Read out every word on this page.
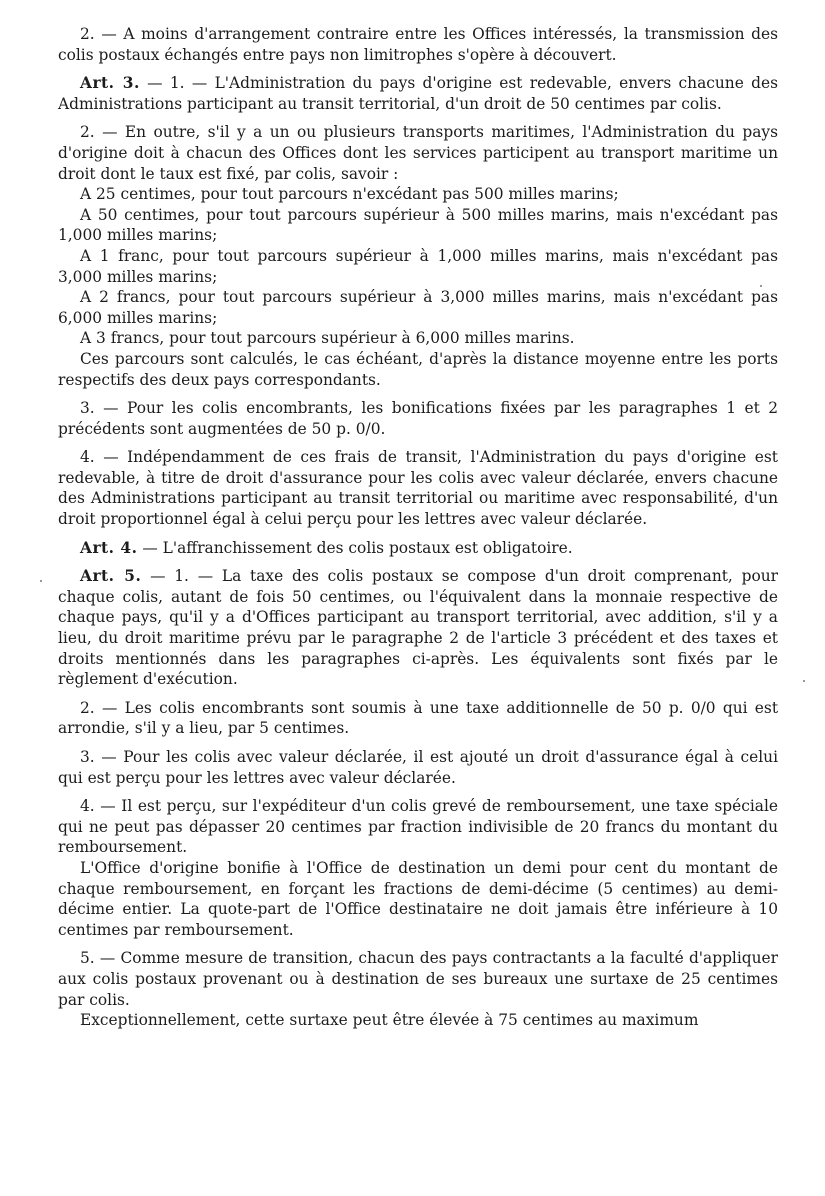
2. — A moins d'arrangement contraire entre les Offices intéressés, la transmission des colis postaux échangés entre pays non limitrophes s'opère à découvert.

Art. 3. — 1. — L'Administration du pays d'origine est redevable, envers chacune des Administrations participant au transit territorial, d'un droit de 50 centimes par colis.

2. — En outre, s'il y a un ou plusieurs transports maritimes, l'Administration du pays d'origine doit à chacun des Offices dont les services participent au transport maritime un droit dont le taux est fixé, par colis, savoir :

A 25 centimes, pour tout parcours n'excédant pas 500 milles marins;

A 50 centimes, pour tout parcours supérieur à 500 milles marins, mais n'excédant pas 1,000 milles marins;

A 1 franc, pour tout parcours supérieur à 1,000 milles marins, mais n'excédant pas 3,000 milles marins;

A 2 francs, pour tout parcours supérieur à 3,000 milles marins, mais n'excédant pas 6,000 milles marins;

A 3 francs, pour tout parcours supérieur à 6,000 milles marins.

Ces parcours sont calculés, le cas échéant, d'après la distance moyenne entre les ports respectifs des deux pays correspondants.

3. — Pour les colis encombrants, les bonifications fixées par les paragraphes 1 et 2 précédents sont augmentées de 50 p. 0/0.

4. — Indépendamment de ces frais de transit, l'Administration du pays d'origine est redevable, à titre de droit d'assurance pour les colis avec valeur déclarée, envers chacune des Administrations participant au transit territorial ou maritime avec responsabilité, d'un droit proportionnel égal à celui perçu pour les lettres avec valeur déclarée.

Art. 4. — L'affranchissement des colis postaux est obligatoire.

Art. 5. — 1. — La taxe des colis postaux se compose d'un droit comprenant, pour chaque colis, autant de fois 50 centimes, ou l'équivalent dans la monnaie respective de chaque pays, qu'il y a d'Offices participant au transport territorial, avec addition, s'il y a lieu, du droit maritime prévu par le paragraphe 2 de l'article 3 précédent et des taxes et droits mentionnés dans les paragraphes ci-après. Les équivalents sont fixés par le règlement d'exécution.

2. — Les colis encombrants sont soumis à une taxe additionnelle de 50 p. 0/0 qui est arrondie, s'il y a lieu, par 5 centimes.

3. — Pour les colis avec valeur déclarée, il est ajouté un droit d'assurance égal à celui qui est perçu pour les lettres avec valeur déclarée.

4. — Il est perçu, sur l'expéditeur d'un colis grevé de remboursement, une taxe spéciale qui ne peut pas dépasser 20 centimes par fraction indivisible de 20 francs du montant du remboursement.

L'Office d'origine bonifie à l'Office de destination un demi pour cent du montant de chaque remboursement, en forçant les fractions de demi-décime (5 centimes) au demi-décime entier. La quote-part de l'Office destinataire ne doit jamais être inférieure à 10 centimes par remboursement.

5. — Comme mesure de transition, chacun des pays contractants a la faculté d'appliquer aux colis postaux provenant ou à destination de ses bureaux une surtaxe de 25 centimes par colis.

Exceptionnellement, cette surtaxe peut être élevée à 75 centimes au maximum
